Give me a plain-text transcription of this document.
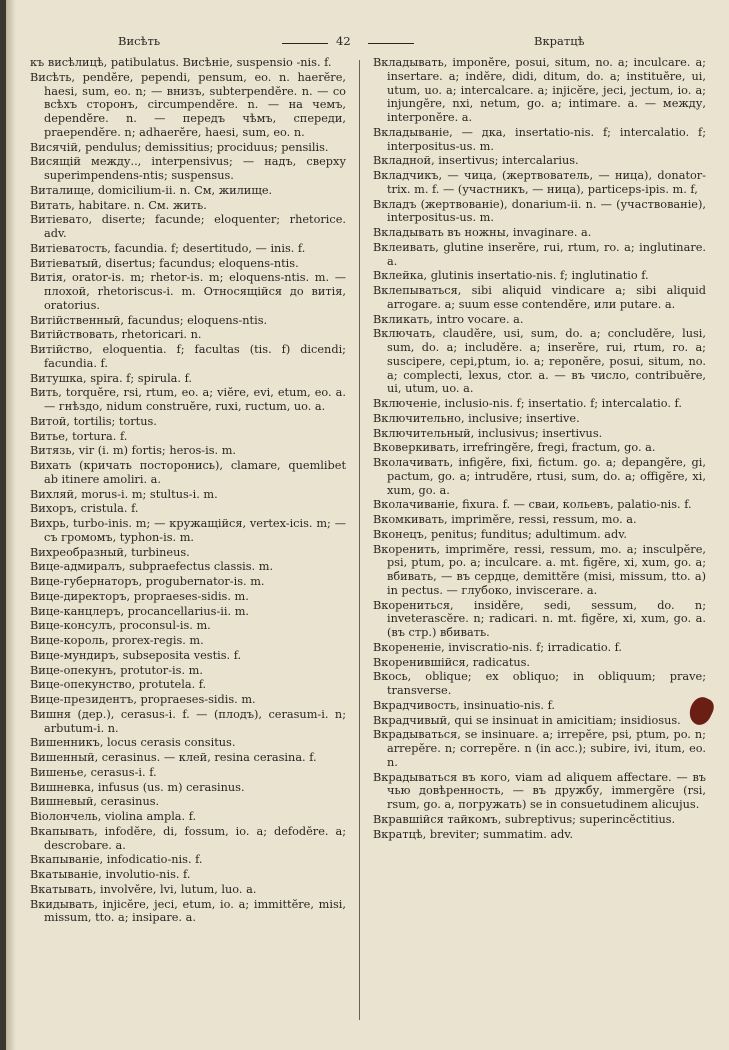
Висѣть	42	Вкратцѣ
къ висѣлицѣ, patibulatus. Висѣніе, suspensio -nis. f.
Висѣть, pendĕre, pependi, pensum, eo. n. haerĕre, haesi, sum, eo. n; — внизъ, subterpendĕre. n. — со всѣхъ сторонъ, circumpendĕre. n. — на чемъ, dependĕre. n. — передъ чѣмъ, спереди, praependĕre. n; adhaerĕre, haesi, sum, eo. n.
Висячій, pendulus; demissitius; prociduus; pensilis.
Висящій между.., interpensivus; — надъ, сверху superimpendens-ntis; suspensus.
Виталище, domicilium-ii. n. См, жилище.
Витать, habitare. n. См. жить.
Витіевато, diserte; facunde; eloquenter; rhetorice. adv.
Витіеватость, facundia. f; desertitudo, — inis. f.
Витіеватый, disertus; facundus; eloquens-ntis.
Витія, orator-is. m; rhetor-is. m; eloquens-ntis. m. — плохой, rhetoriscus-i. m. Относящійся до витія, oratorius.
Витійственный, facundus; eloquens-ntis.
Витійствовать, rhetoricari. n.
Витійство, eloquentia. f; facultas (tis. f) dicendi; facundia. f.
Витушка, spira. f; spirula. f.
Вить, torquĕre, rsi, rtum, eo. a; viĕre, evi, etum, eo. a. — гнѣздо, nidum construĕre, ruxi, ructum, uo. a.
Витой, tortilis; tortus.
Витье, tortura. f.
Витязь, vir (i. m) fortis; heros-is. m.
Вихать (кричать посторонись), clamare, quemlibet ab itinere amoliri. a.
Вихляй, morus-i. m; stultus-i. m.
Вихоръ, cristula. f.
Вихрь, turbo-inis. m; — кружащійся, vertex-icis. m; — съ громомъ, typhon-is. m.
Вихреобразный, turbineus.
Вице-адмиралъ, subpraefectus classis. m.
Вице-губернаторъ, progubernator-is. m.
Вице-директоръ, propraeses-sidis. m.
Вице-канцлеръ, procancellarius-ii. m.
Вице-консулъ, proconsul-is. m.
Вице-король, prorex-regis. m.
Вице-мундиръ, subseposita vestis. f.
Вице-опекунъ, protutor-is. m.
Вице-опекунство, protutela. f.
Вице-президентъ, propraeses-sidis. m.
Вишня (дер.), cerasus-i. f. — (плодъ), cerasum-i. n; arbutum-i. n.
Вишенникъ, locus cerasis consitus.
Вишенный, cerasinus. — клей, resina cerasina. f.
Вишенье, cerasus-i. f.
Вишневка, infusus (us. m) cerasinus.
Вишневый, cerasinus.
Віолончель, violina ampla. f.
Вкапывать, infodĕre, di, fossum, io. a; defodĕre. a; descrobare. a.
Вкапываніе, infodicatio-nis. f.
Вкатываніе, involutio-nis. f.
Вкатывать, involvĕre, lvi, lutum, luo. a.
Вкидывать, injicĕre, jeci, etum, io. a; immittĕre, misi, missum, tto. a; insipare. a.
Вкладывать, imponĕre, posui, situm, no. a; inculcare. a; insertare. a; indĕre, didi, ditum, do. a; instituĕre, ui, utum, uo. a; intercalcare. a; injicĕre, jeci, jectum, io. a; injungĕre, nxi, netum, go. a; intimare. a. — между, interponĕre. a.
Вкладываніе, — дка, insertatio-nis. f; intercalatio. f; interpositus-us. m.
Вкладной, insertivus; intercalarius.
Вкладчикъ, — чица, (жертвователь, — ница), donator-trix. m. f. — (участникъ, — ница), particeps-ipis. m. f,
Вкладъ (жертвованіе), donarium-ii. n. — (участвованіе), interpositus-us. m.
Вкладывать въ ножны, invaginare. a.
Вклеивать, glutine inserĕre, rui, rtum, ro. a; inglutinare. a.
Вклейка, glutinis insertatio-nis. f; inglutinatio f.
Вклепываться, sibi aliquid vindicare a; sibi aliquid arrogare. a; suum esse contendĕre, или putare. a.
Вкликать, intro vocare. a.
Включать, claudĕre, usi, sum, do. a; concludĕre, lusi, sum, do. a; includĕre. a; inserĕre, rui, rtum, ro. a; suscipere, cepi,ptum, io. a; reponĕre, posui, situm, no. a; complecti, lexus, ctor. a. — въ число, contribuĕre, ui, utum, uo. a.
Включеніе, inclusio-nis. f; insertatio. f; intercalatio. f.
Включительно, inclusive; insertive.
Включительный, inclusivus; insertivus.
Вковеркивать, irrefringĕre, fregi, fractum, go. a.
Вколачивать, infigĕre, fixi, fictum. go. a; depangĕre, gi, pactum, go. a; intrudĕre, rtusi, sum, do. a; offigĕre, xi, xum, go. a.
Вколачиваніе, fixura. f. — сваи, кольевъ, palatio-nis. f.
Вкомкивать, imprimĕre, ressi, ressum, mo. a.
Вконецъ, penitus; funditus; adultimum. adv.
Вкоренить, imprimĕre, ressi, ressum, mo. a; insculpĕre, psi, ptum, po. a; inculcare. a. mt. figĕre, xi, xum, go. a; вбивать, — въ сердце, demittĕre (misi, missum, tto. a) in pectus. — глубоко, inviscerare. a.
Вкорениться, insidĕre, sedi, sessum, do. n; inveterascĕre. n; radicari. n. mt. figĕre, xi, xum, go. a. (въ стр.) вбивать.
Вкорененіе, inviscratio-nis. f; irradicatio. f.
Вкоренившійся, radicatus.
Вкось, oblique; ex obliquo; in obliquum; prave; transverse.
Вкрадчивость, insinuatio-nis. f.
Вкрадчивый, qui se insinuat in amicitiam; insidiosus.
Вкрадываться, se insinuare. a; irrepĕre, psi, ptum, po. n; arrepĕre. n; correpĕre. n (in acc.); subire, ivi, itum, eo. n.
Вкрадываться въ кого, viam ad aliquem affectare. — въ чью довѣренность, — въ дружбу, immergĕre (rsi, rsum, go. a, погружать) se in consuetudinem alicujus.
Вкравшійся тайкомъ, subreptivus; superincĕctitius.
Вкратцѣ, breviter; summatim. adv.
